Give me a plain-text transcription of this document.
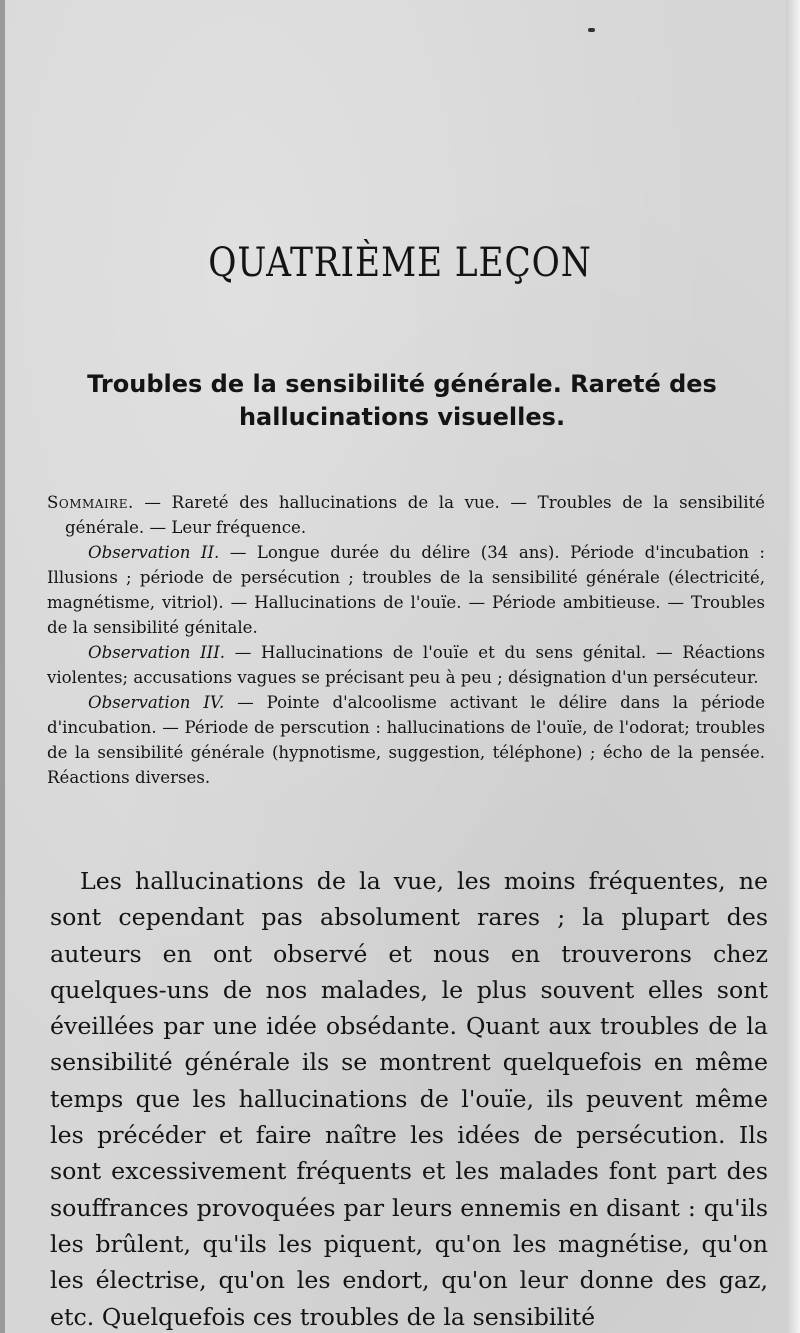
QUATRIÈME LEÇON
Troubles de la sensibilité générale. Rareté des hallucinations visuelles.

Sommaire. — Rareté des hallucinations de la vue. — Troubles de la sensibilité générale. — Leur fréquence.

Observation II. — Longue durée du délire (34 ans). Période d'incubation : Illusions ; période de persécution ; troubles de la sensibilité générale (électricité, magnétisme, vitriol). — Hallucinations de l'ouïe. — Période ambitieuse. — Troubles de la sensibilité génitale.

Observation III. — Hallucinations de l'ouïe et du sens génital. — Réactions violentes; accusations vagues se précisant peu à peu ; désignation d'un persécuteur.

Observation IV. — Pointe d'alcoolisme activant le délire dans la période d'incubation. — Période de perscution : hallucinations de l'ouïe, de l'odorat; troubles de la sensibilité générale (hypnotisme, suggestion, téléphone) ; écho de la pensée. Réactions diverses.

Les hallucinations de la vue, les moins fréquentes, ne sont cependant pas absolument rares ; la plupart des auteurs en ont observé et nous en trouverons chez quelques-uns de nos malades, le plus souvent elles sont éveillées par une idée obsédante. Quant aux troubles de la sensibilité générale ils se montrent quelquefois en même temps que les hallucinations de l'ouïe, ils peuvent même les précéder et faire naître les idées de persécution. Ils sont excessivement fréquents et les malades font part des souffrances provoquées par leurs ennemis en disant : qu'ils les brûlent, qu'ils les piquent, qu'on les magnétise, qu'on les électrise, qu'on les endort, qu'on leur donne des gaz, etc. Quelquefois ces troubles de la sensibilité
